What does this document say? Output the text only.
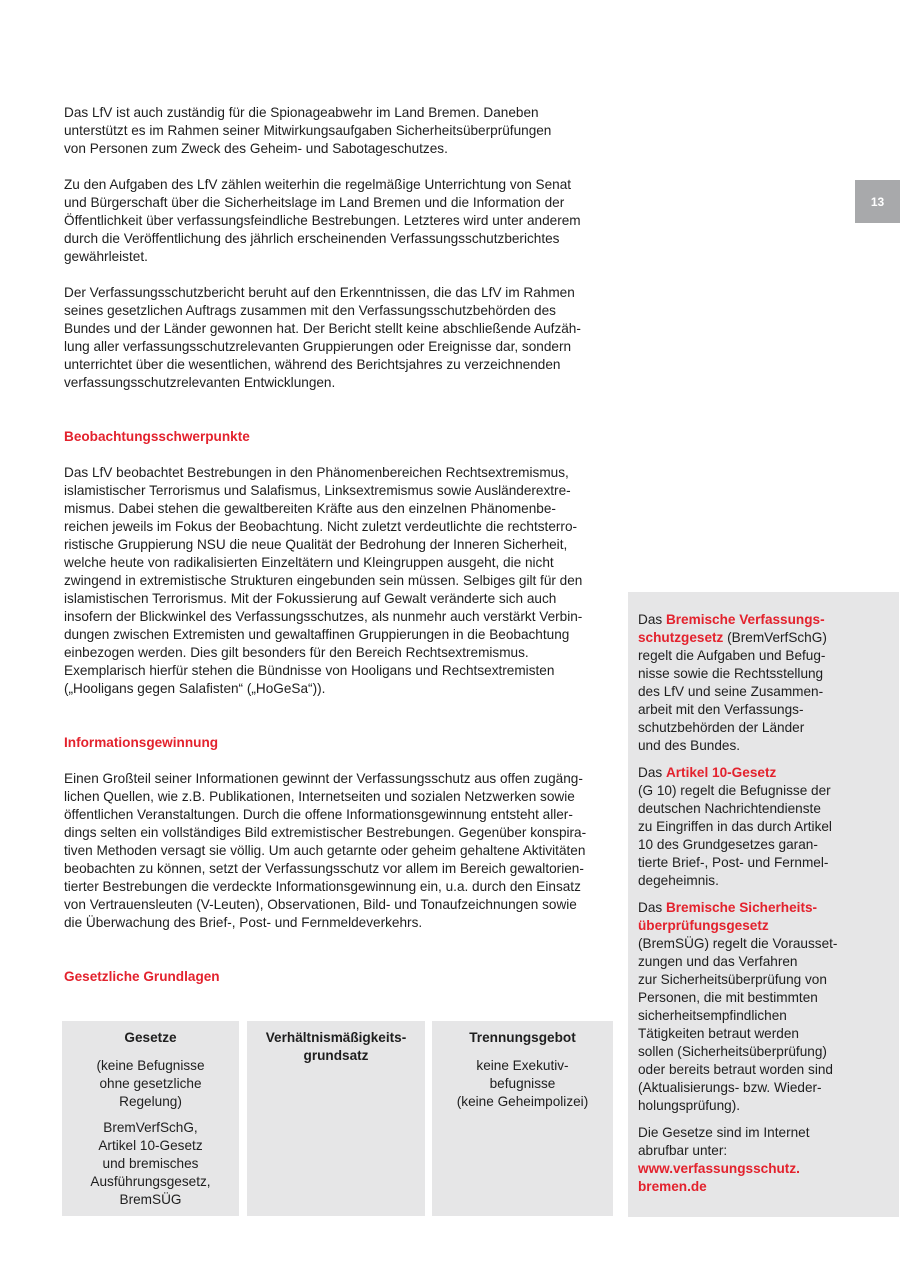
13

Das LfV ist auch zuständig für die Spionageabwehr im Land Bremen. Daneben
unterstützt es im Rahmen seiner Mitwirkungsaufgaben Sicherheitsüberprüfungen
von Personen zum Zweck des Geheim- und Sabotageschutzes.

Zu den Aufgaben des LfV zählen weiterhin die regelmäßige Unterrichtung von Senat
und Bürgerschaft über die Sicherheitslage im Land Bremen und die Information der
Öffentlichkeit über verfassungsfeindliche Bestrebungen. Letzteres wird unter anderem
durch die Veröffentlichung des jährlich erscheinenden Verfassungsschutzberichtes
gewährleistet.

Der Verfassungsschutzbericht beruht auf den Erkenntnissen, die das LfV im Rahmen
seines gesetzlichen Auftrags zusammen mit den Verfassungsschutzbehörden des
Bundes und der Länder gewonnen hat. Der Bericht stellt keine abschließende Aufzäh-
lung aller verfassungsschutzrelevanten Gruppierungen oder Ereignisse dar, sondern
unterrichtet über die wesentlichen, während des Berichtsjahres zu verzeichnenden
verfassungsschutzrelevanten Entwicklungen.

Beobachtungsschwerpunkte

Das LfV beobachtet Bestrebungen in den Phänomenbereichen Rechtsextremismus,
islamistischer Terrorismus und Salafismus, Linksextremismus sowie Ausländerextre-
mismus. Dabei stehen die gewaltbereiten Kräfte aus den einzelnen Phänomenbe-
reichen jeweils im Fokus der Beobachtung. Nicht zuletzt verdeutlichte die rechtsterro-
ristische Gruppierung NSU die neue Qualität der Bedrohung der Inneren Sicherheit,
welche heute von radikalisierten Einzeltätern und Kleingruppen ausgeht, die nicht
zwingend in extremistische Strukturen eingebunden sein müssen. Selbiges gilt für den
islamistischen Terrorismus. Mit der Fokussierung auf Gewalt veränderte sich auch
insofern der Blickwinkel des Verfassungsschutzes, als nunmehr auch verstärkt Verbin-
dungen zwischen Extremisten und gewaltaffinen Gruppierungen in die Beobachtung
einbezogen werden. Dies gilt besonders für den Bereich Rechtsextremismus.
Exemplarisch hierfür stehen die Bündnisse von Hooligans und Rechtsextremisten
(„Hooligans gegen Salafisten“ („HoGeSa“)).

Informationsgewinnung

Einen Großteil seiner Informationen gewinnt der Verfassungsschutz aus offen zugäng-
lichen Quellen, wie z.B. Publikationen, Internetseiten und sozialen Netzwerken sowie
öffentlichen Veranstaltungen. Durch die offene Informationsgewinnung entsteht aller-
dings selten ein vollständiges Bild extremistischer Bestrebungen. Gegenüber konspira-
tiven Methoden versagt sie völlig. Um auch getarnte oder geheim gehaltene Aktivitäten
beobachten zu können, setzt der Verfassungsschutz vor allem im Bereich gewaltorien-
tierter Bestrebungen die verdeckte Informationsgewinnung ein, u.a. durch den Einsatz
von Vertrauensleuten (V-Leuten), Observationen, Bild- und Tonaufzeichnungen sowie
die Überwachung des Brief-, Post- und Fernmeldeverkehrs.

Gesetzliche Grundlagen

Gesetze
(keine Befugnisse
ohne gesetzliche
Regelung)
BremVerfSchG,
Artikel 10-Gesetz
und bremisches
Ausführungsgesetz,
BremSÜG
Verhältnismäßigkeits-
grundsatz
Trennungsgebot
keine Exekutiv-
befugnisse
(keine Geheimpolizei)

Das Bremische Verfassungs-
schutzgesetz (BremVerfSchG)
regelt die Aufgaben und Befug-
nisse sowie die Rechtsstellung
des LfV und seine Zusammen-
arbeit mit den Verfassungs-
schutzbehörden der Länder
und des Bundes.

Das Artikel 10-Gesetz
(G 10) regelt die Befugnisse der
deutschen Nachrichtendienste
zu Eingriffen in das durch Artikel
10 des Grundgesetzes garan-
tierte Brief-, Post- und Fernmel-
degeheimnis.

Das Bremische Sicherheits-
überprüfungsgesetz
(BremSÜG) regelt die Vorausset-
zungen und das Verfahren
zur Sicherheitsüberprüfung von
Personen, die mit bestimmten
sicherheitsempfindlichen
Tätigkeiten betraut werden
sollen (Sicherheitsüberprüfung)
oder bereits betraut worden sind
(Aktualisierungs- bzw. Wieder-
holungsprüfung).

Die Gesetze sind im Internet
abrufbar unter:
www.verfassungsschutz.
bremen.de
